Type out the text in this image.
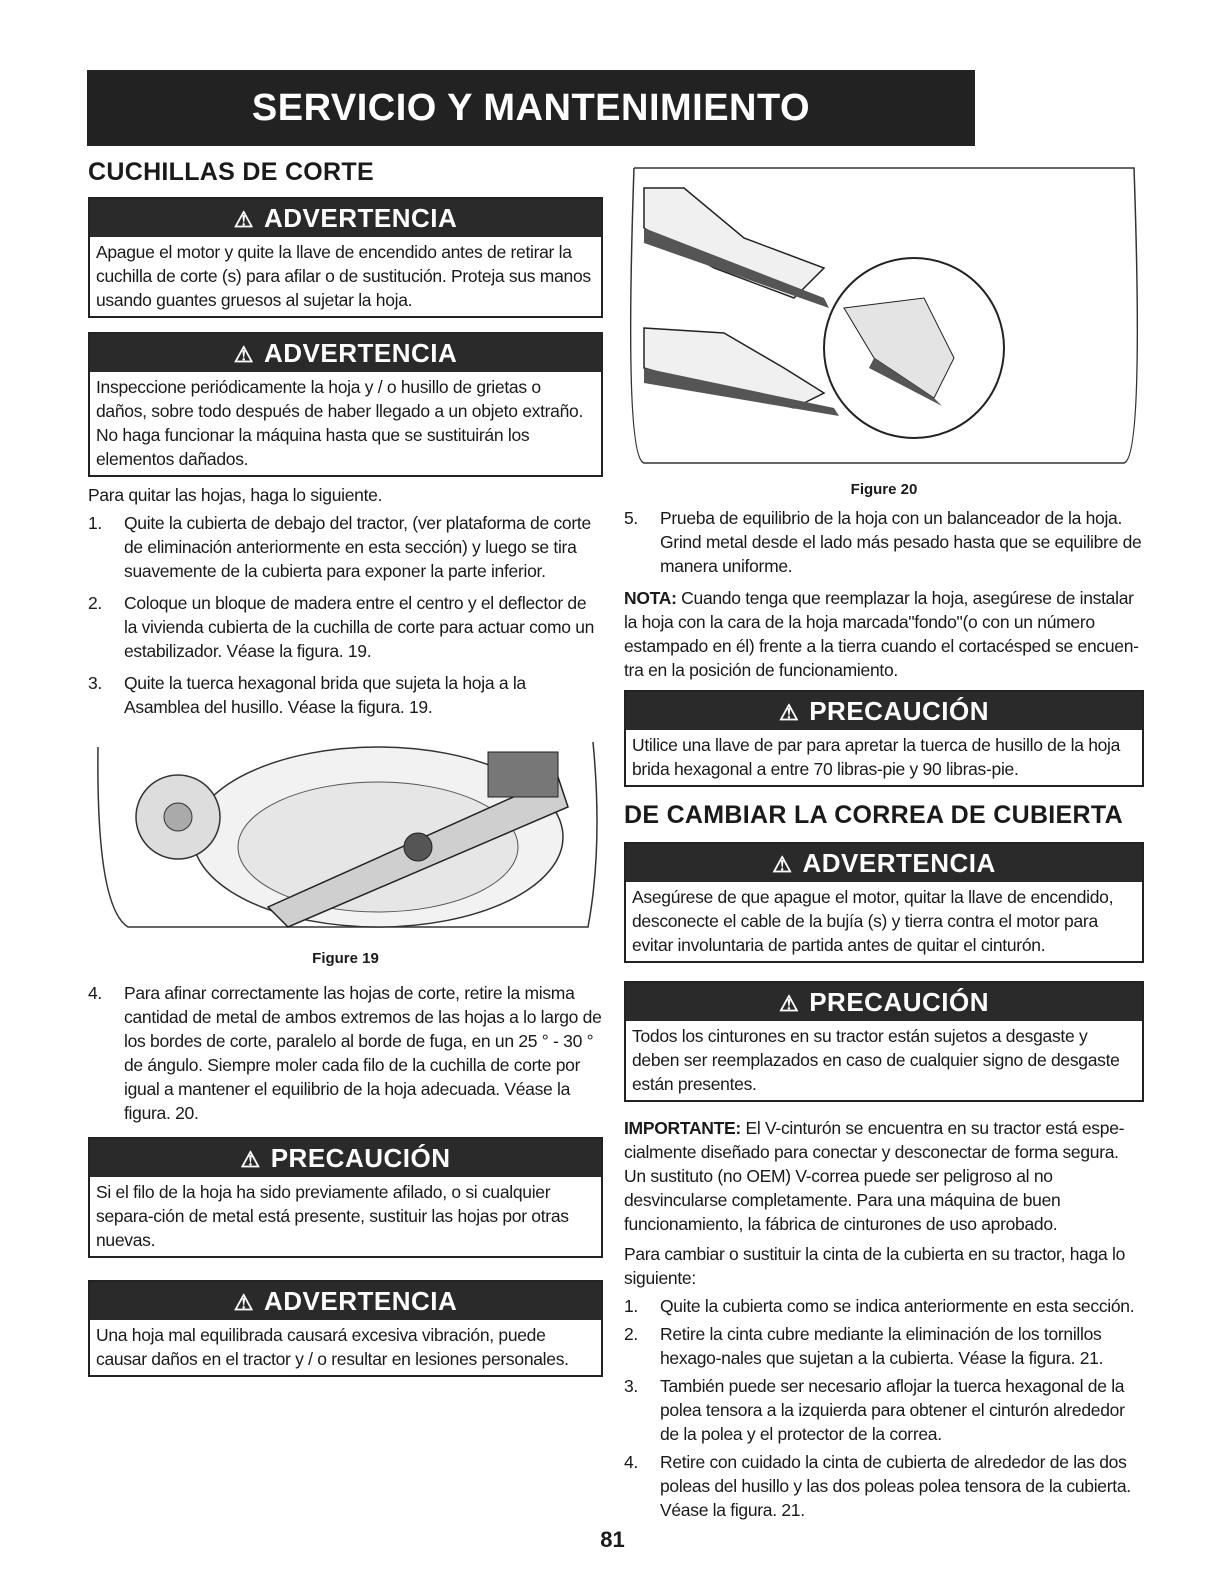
SERVICIO Y MANTENIMIENTO
CUCHILLAS DE CORTE
⚠ ADVERTENCIA
Apague el motor y quite la llave de encendido antes de retirar la cuchilla de corte (s) para afilar o de sustitución. Proteja sus manos usando guantes gruesos al sujetar la hoja.
⚠ ADVERTENCIA
Inspeccione periódicamente la hoja y / o husillo de grietas o daños, sobre todo después de haber llegado a un objeto extraño. No haga funcionar la máquina hasta que se sustituirán los elementos dañados.

Para quitar las hojas, haga lo siguiente.

1. Quite la cubierta de debajo del tractor, (ver plataforma de corte de eliminación anteriormente en esta sección) y luego se tira suavemente de la cubierta para exponer la parte inferior.
2. Coloque un bloque de madera entre el centro y el deflector de la vivienda cubierta de la cuchilla de corte para actuar como un estabilizador. Véase la figura. 19.
3. Quite la tuerca hexagonal brida que sujeta la hoja a la Asamblea del husillo. Véase la figura. 19.
Figure 19
4. Para afinar correctamente las hojas de corte, retire la misma cantidad de metal de ambos extremos de las hojas a lo largo de los bordes de corte, paralelo al borde de fuga, en un 25 ° - 30 ° de ángulo. Siempre moler cada filo de la cuchilla de corte por igual a mantener el equilibrio de la hoja adecuada. Véase la figura. 20.
⚠ PRECAUCIÓN
Si el filo de la hoja ha sido previamente afilado, o si cualquier separa-ción de metal está presente, sustituir las hojas por otras nuevas.
⚠ ADVERTENCIA
Una hoja mal equilibrada causará excesiva vibración, puede causar daños en el tractor y / o resultar en lesiones personales.
Figure 20
5. Prueba de equilibrio de la hoja con un balanceador de la hoja. Grind metal desde el lado más pesado hasta que se equilibre de manera uniforme.

NOTA: Cuando tenga que reemplazar la hoja, asegúrese de instalar la hoja con la cara de la hoja marcada"fondo"(o con un número estampado en él) frente a la tierra cuando el cortacésped se encuen-tra en la posición de funcionamiento.

⚠ PRECAUCIÓN
Utilice una llave de par para apretar la tuerca de husillo de la hoja brida hexagonal a entre 70 libras-pie y 90 libras-pie.
DE CAMBIAR LA CORREA DE CUBIERTA
⚠ ADVERTENCIA
Asegúrese de que apague el motor, quitar la llave de encendido, desconecte el cable de la bujía (s) y tierra contra el motor para evitar involuntaria de partida antes de quitar el cinturón.
⚠ PRECAUCIÓN
Todos los cinturones en su tractor están sujetos a desgaste y deben ser reemplazados en caso de cualquier signo de desgaste están presentes.

IMPORTANTE: El V-cinturón se encuentra en su tractor está espe-cialmente diseñado para conectar y desconectar de forma segura. Un sustituto (no OEM) V-correa puede ser peligroso al no desvincularse completamente. Para una máquina de buen funcionamiento, la fábrica de cinturones de uso aprobado.

Para cambiar o sustituir la cinta de la cubierta en su tractor, haga lo siguiente:

1. Quite la cubierta como se indica anteriormente en esta sección.
2. Retire la cinta cubre mediante la eliminación de los tornillos hexago-nales que sujetan a la cubierta. Véase la figura. 21.
3. También puede ser necesario aflojar la tuerca hexagonal de la polea tensora a la izquierda para obtener el cinturón alrededor de la polea y el protector de la correa.
4. Retire con cuidado la cinta de cubierta de alrededor de las dos poleas del husillo y las dos poleas polea tensora de la cubierta. Véase la figura. 21.
81
